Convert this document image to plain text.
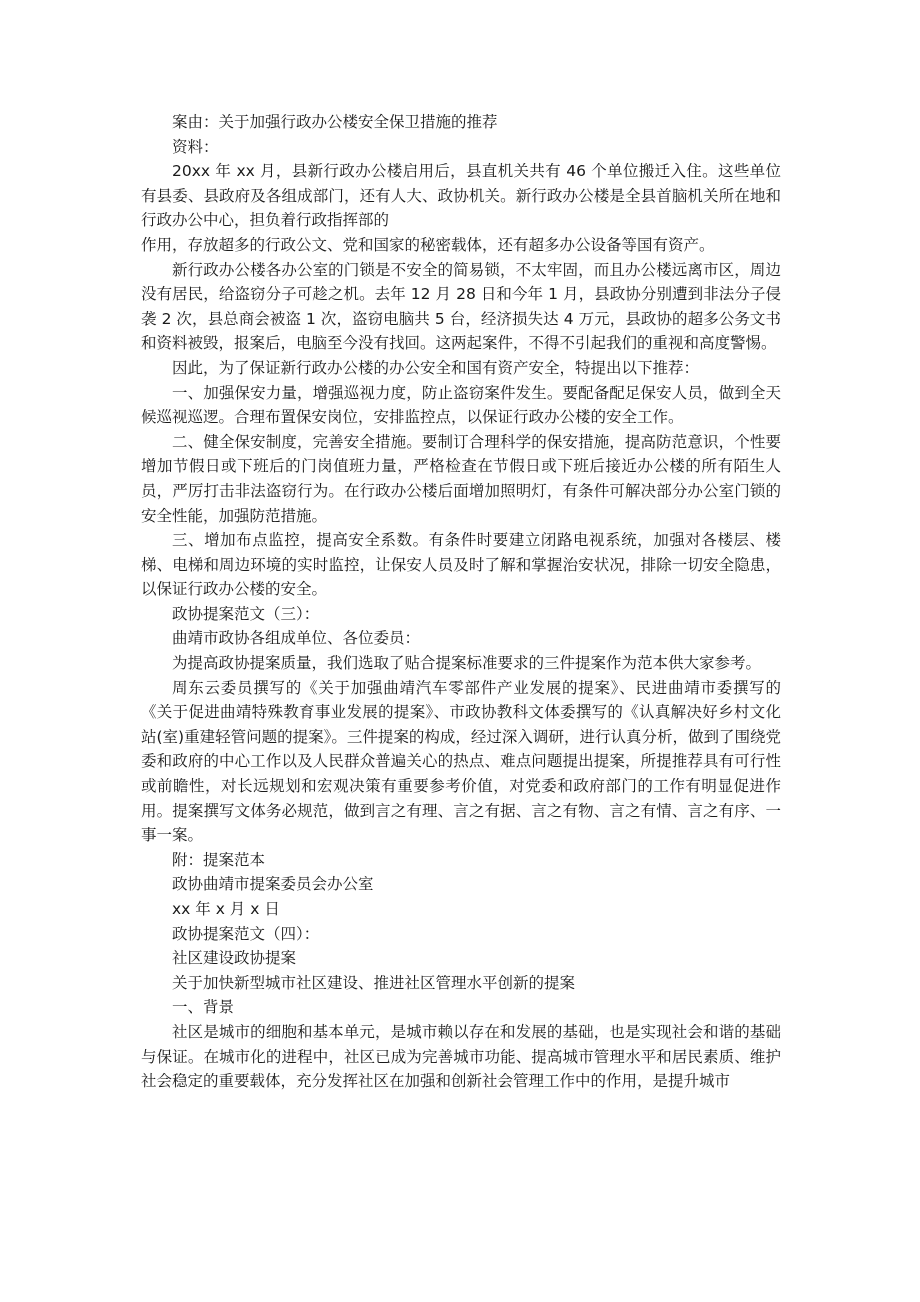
案由：关于加强行政办公楼安全保卫措施的推荐

资料：

20xx 年 xx 月，县新行政办公楼启用后，县直机关共有 46 个单位搬迁入住。这些单位有县委、县政府及各组成部门，还有人大、政协机关。新行政办公楼是全县首脑机关所在地和行政办公中心，担负着行政指挥部的

作用，存放超多的行政公文、党和国家的秘密载体，还有超多办公设备等国有资产。

新行政办公楼各办公室的门锁是不安全的简易锁，不太牢固，而且办公楼远离市区，周边没有居民，给盗窃分子可趁之机。去年 12 月 28 日和今年 1 月，县政协分别遭到非法分子侵袭 2 次，县总商会被盗 1 次，盗窃电脑共 5 台，经济损失达 4 万元，县政协的超多公务文书和资料被毁，报案后，电脑至今没有找回。这两起案件，不得不引起我们的重视和高度警惕。

因此，为了保证新行政办公楼的办公安全和国有资产安全，特提出以下推荐：

一、加强保安力量，增强巡视力度，防止盗窃案件发生。要配备配足保安人员，做到全天候巡视巡逻。合理布置保安岗位，安排监控点，以保证行政办公楼的安全工作。

二、健全保安制度，完善安全措施。要制订合理科学的保安措施，提高防范意识，个性要增加节假日或下班后的门岗值班力量，严格检查在节假日或下班后接近办公楼的所有陌生人员，严厉打击非法盗窃行为。在行政办公楼后面增加照明灯，有条件可解决部分办公室门锁的安全性能，加强防范措施。

三、增加布点监控，提高安全系数。有条件时要建立闭路电视系统，加强对各楼层、楼梯、电梯和周边环境的实时监控，让保安人员及时了解和掌握治安状况，排除一切安全隐患，以保证行政办公楼的安全。

政协提案范文（三）：

曲靖市政协各组成单位、各位委员：

为提高政协提案质量，我们选取了贴合提案标准要求的三件提案作为范本供大家参考。

周东云委员撰写的《关于加强曲靖汽车零部件产业发展的提案》、民进曲靖市委撰写的《关于促进曲靖特殊教育事业发展的提案》、市政协教科文体委撰写的《认真解决好乡村文化站(室)重建轻管问题的提案》。三件提案的构成，经过深入调研，进行认真分析，做到了围绕党委和政府的中心工作以及人民群众普遍关心的热点、难点问题提出提案，所提推荐具有可行性或前瞻性，对长远规划和宏观决策有重要参考价值，对党委和政府部门的工作有明显促进作用。提案撰写文体务必规范，做到言之有理、言之有据、言之有物、言之有情、言之有序、一事一案。

附：提案范本

政协曲靖市提案委员会办公室

xx 年 x 月 x 日

政协提案范文（四）：

社区建设政协提案

关于加快新型城市社区建设、推进社区管理水平创新的提案

一、背景

社区是城市的细胞和基本单元，是城市赖以存在和发展的基础，也是实现社会和谐的基础与保证。在城市化的进程中，社区已成为完善城市功能、提高城市管理水平和居民素质、维护社会稳定的重要载体，充分发挥社区在加强和创新社会管理工作中的作用，是提升城市
